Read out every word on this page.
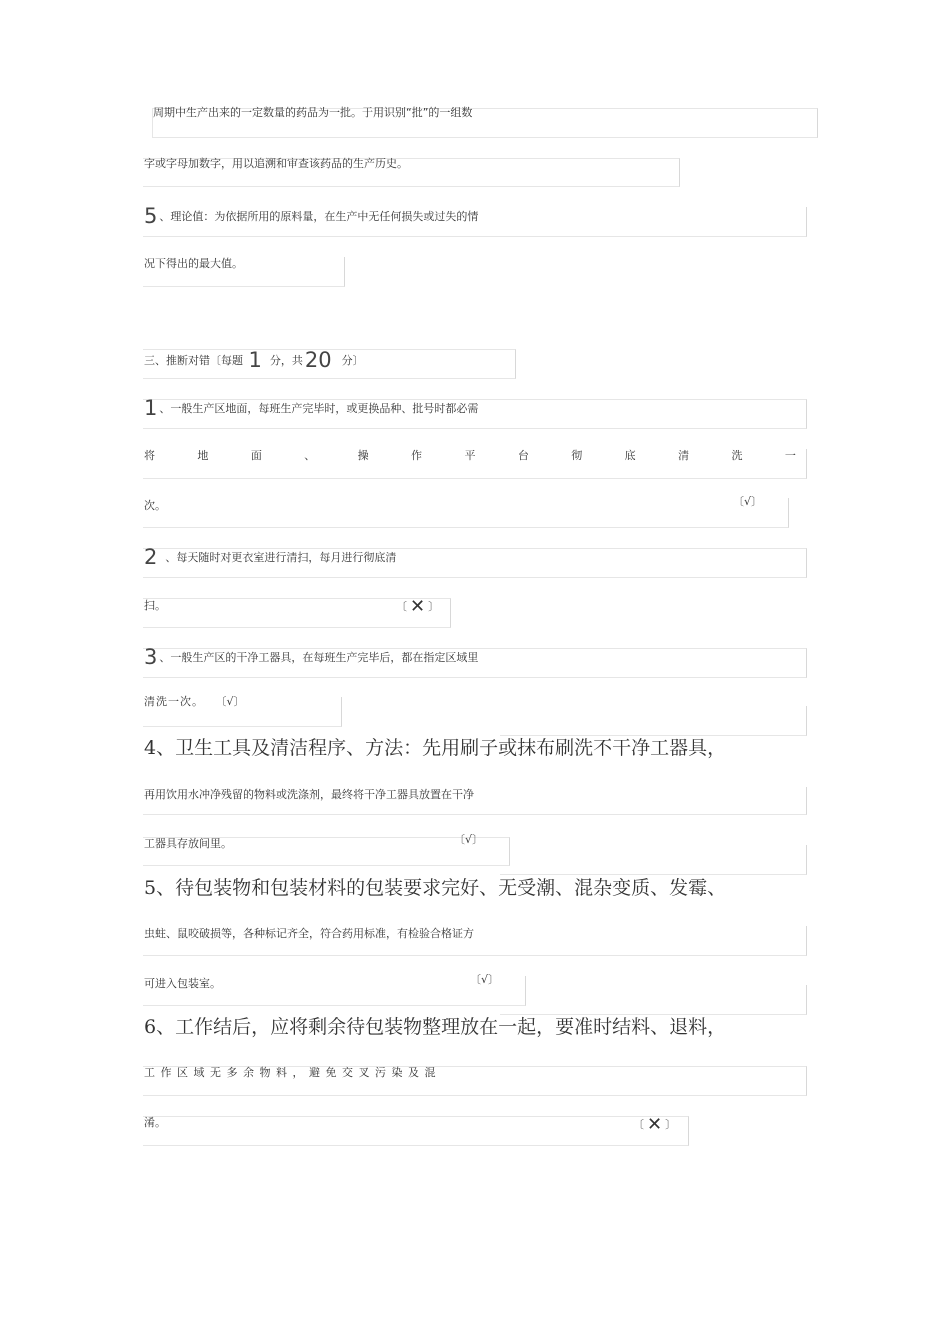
周期中生产出来的一定数量的药品为一批。于用识别“批”的一组数
字或字母加数字，用以追溯和审查该药品的生产历史。
5 、理论值：为依据所用的原料量，在生产中无任何损失或过失的情
况下得出的最大值。
三、推断对错〔每题 1 分，共20 分〕
1 、一般生产区地面，每班生产完毕时，或更换品种、批号时都必需
将	地	面	、	操	作	平	台	彻	底	清	洗	一
次。	〔√〕
2 、每天随时对更衣室进行清扫，每月进行彻底清
扫。	〔 ✕ 〕
3 、一般生产区的干净工器具，在每班生产完毕后，都在指定区域里
清洗一次。 〔√〕
4、卫生工具及清洁程序、方法：先用刷子或抹布刷洗不干净工器具，
再用饮用水冲净残留的物料或洗涤剂，最终将干净工器具放置在干净
工器具存放间里。	〔√〕
5、待包装物和包装材料的包装要求完好、无受潮、混杂变质、发霉、
虫蛀、鼠咬破损等，各种标记齐全，符合药用标准，有检验合格证方
可进入包装室。	〔√〕
6、工作结后，应将剩余待包装物整理放在一起，要准时结料、退料，
工作区域无多余物料，避免交叉污染及混
淆。	〔 ✕ 〕
